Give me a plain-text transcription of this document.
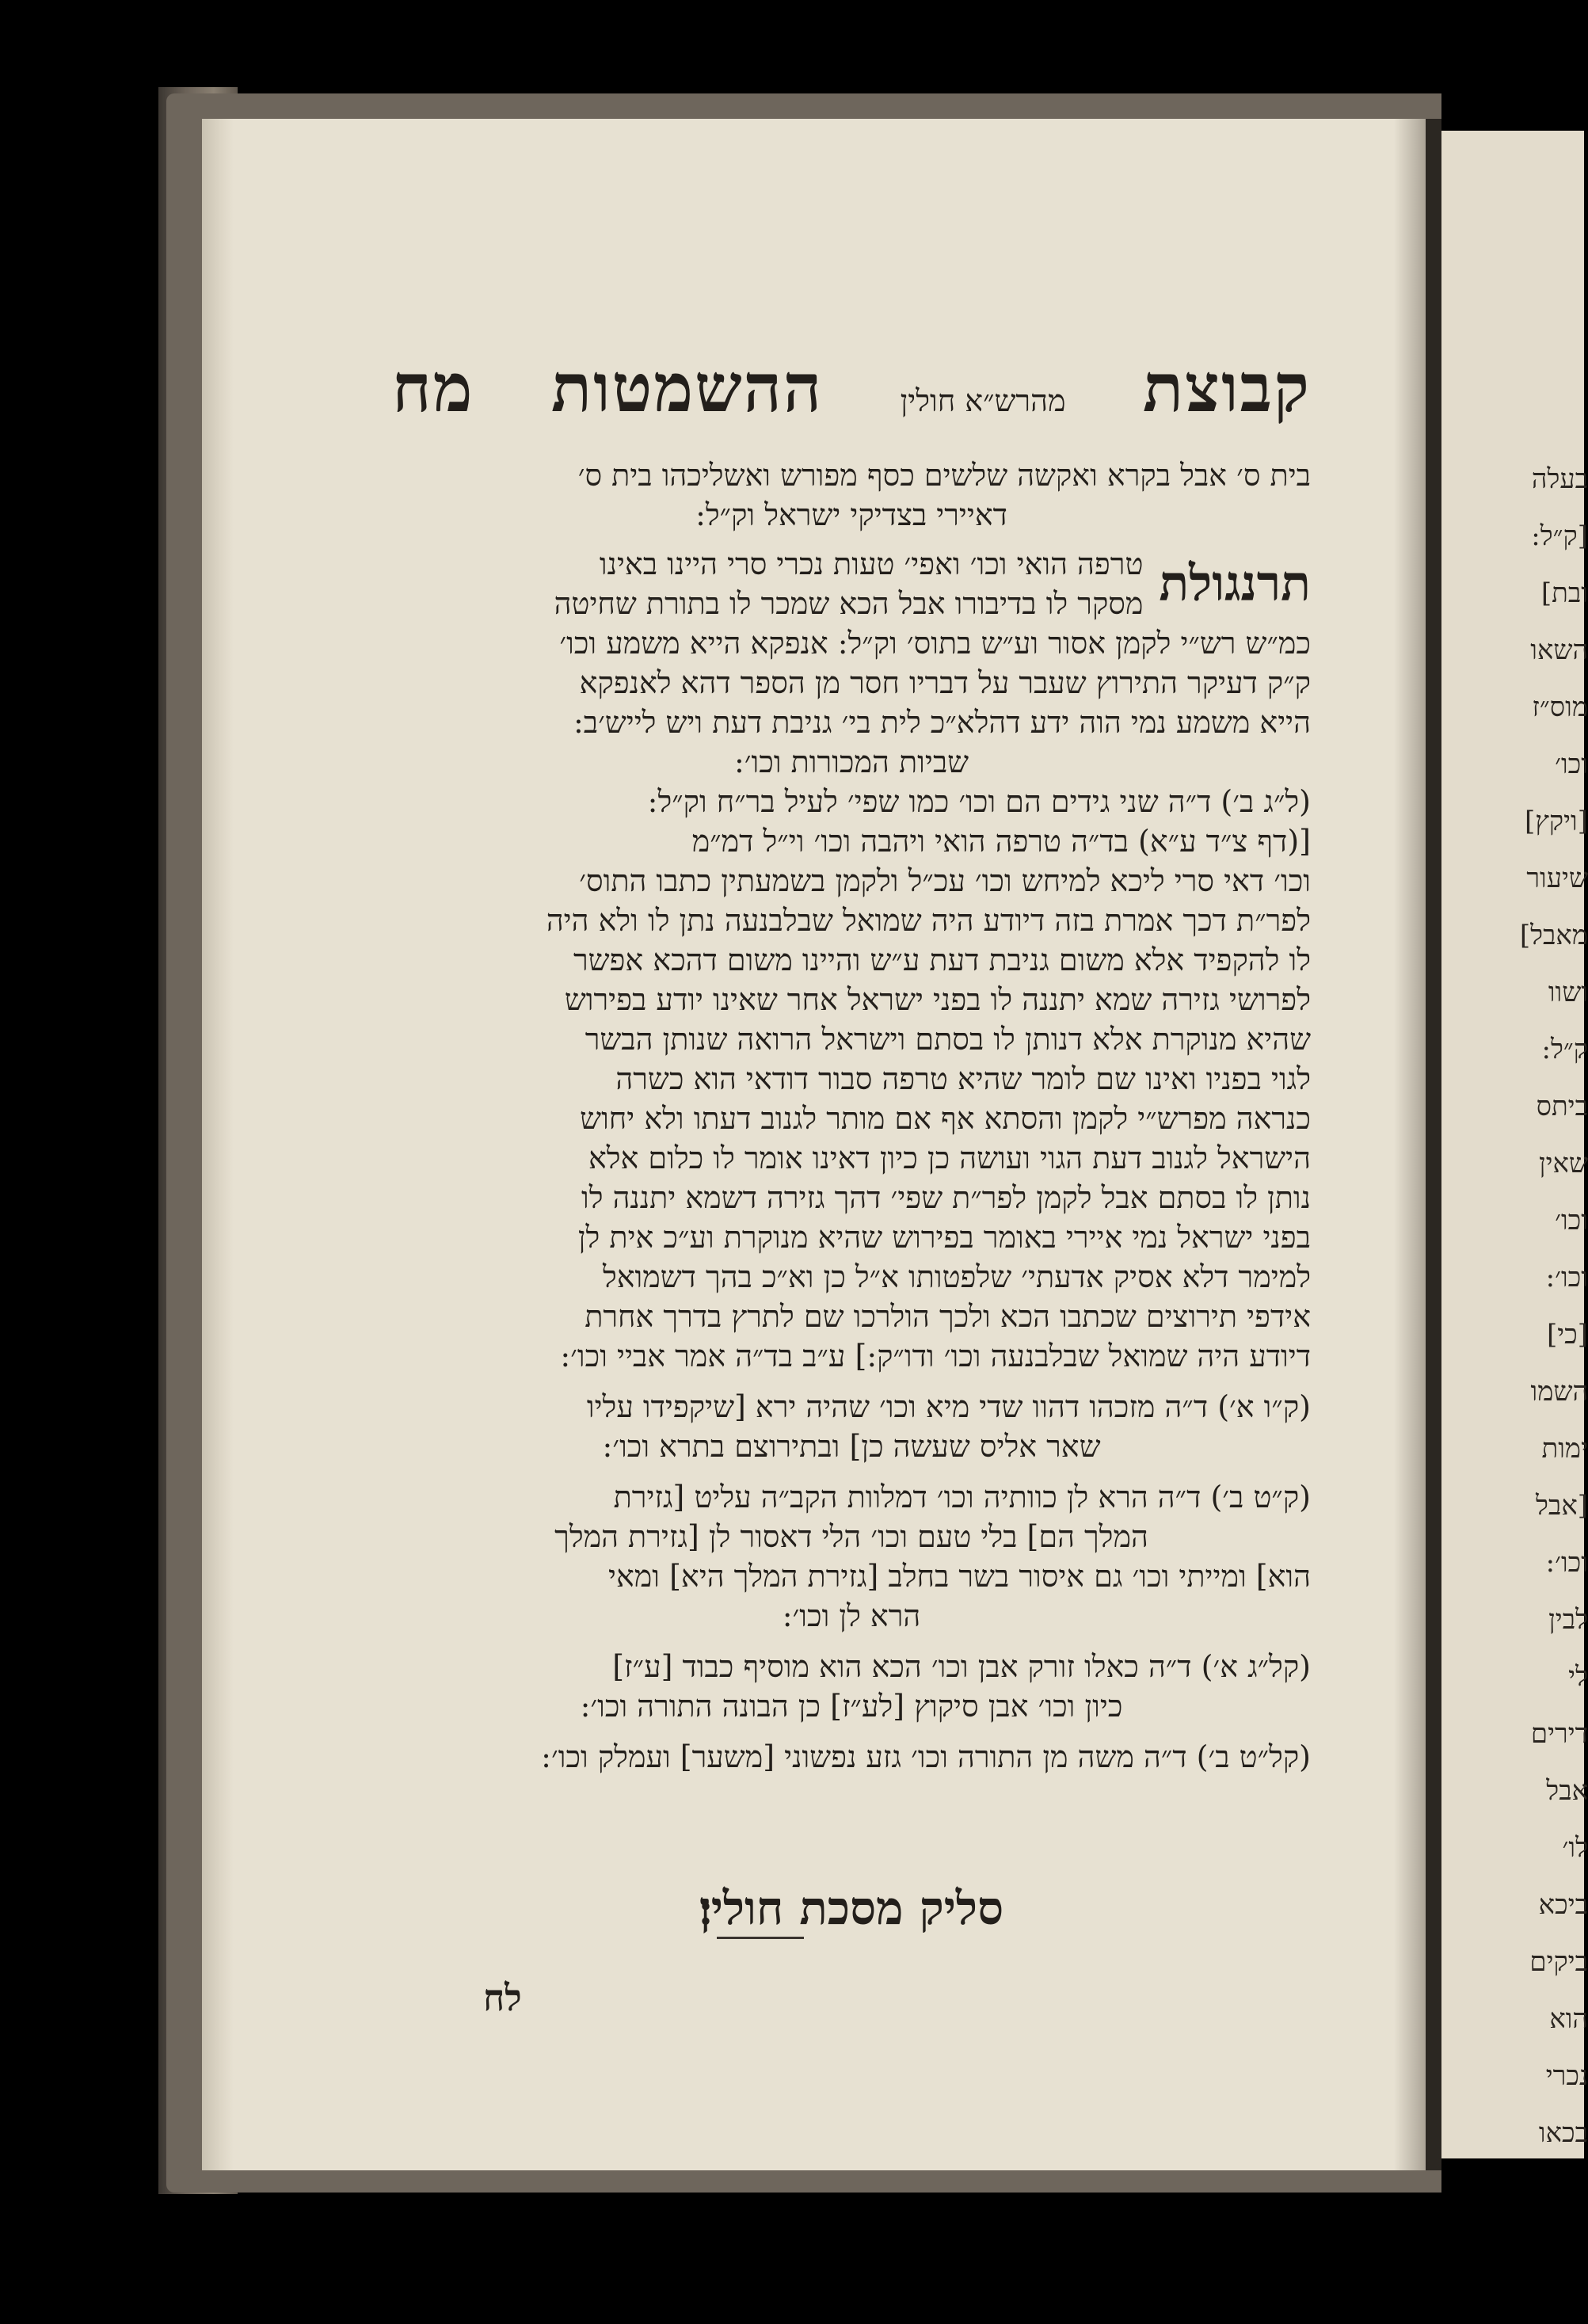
בעלה
[ק״ל:
ובת]
השאו
מוס״ז
וכו׳
[ויקץ]
שיעור
מאבל]
ושוו
ק״ל:
ביתס
שאין
וכו׳
וכו׳:
[כי]
השמו
ימות
[אבל
וכו׳:
לבין
לי
דירים
אבל
לו׳
ביכא
ביקים
הוא
נכרי
בכאו
קבוצת
מהרש״א חולין
ההשמטות
מח
בית ס׳ אבל בקרא ואקשה שלשים כסף מפורש ואשליכהו בית ס׳
דאיירי בצדיקי ישראל וק״ל:
תרנגולת
טרפה הואי וכו׳ ואפי׳ טעות נכרי סרי היינו באינו
מסקר לו בדיבורו אבל הכא שמכר לו בתורת שחיטה
כמ״ש רש״י לקמן אסור וע״ש בתוס׳ וק״ל: אנפקא הייא משמע וכו׳
ק״ק דעיקר התירוץ שעבר על דבריו חסר מן הספר דהא לאנפקא
הייא משמע נמי הוה ידע דהלא״כ לית בי׳ גניבת דעת ויש לייש׳ב:
שביות המכורות וכו׳:
(ל״ג ב׳) ד״ה שני גידים הם וכו׳ כמו שפי׳ לעיל בר״ח וק״ל:
[(דף צ״ד ע״א) בד״ה טרפה הואי ויהבה וכו׳ וי״ל דמ״מ
וכו׳ דאי סרי ליכא למיחש וכו׳ עכ״ל ולקמן בשמעתין כתבו התוס׳
לפר״ת דכך אמרת בזה דיודע היה שמואל שבלבנעה נתן לו ולא היה
לו להקפיד אלא משום גניבת דעת ע״ש והיינו משום דהכא אפשר
לפרושי גזירה שמא יתננה לו בפני ישראל אחר שאינו יודע בפירוש
שהיא מנוקרת אלא דנותן לו בסתם וישראל הרואה שנותן הבשר
לגוי בפניו ואינו שם לומר שהיא טרפה סבור דודאי הוא כשרה
כנראה מפרש״י לקמן והסתא אף אם מותר לגנוב דעתו ולא יחוש
הישראל לגנוב דעת הגוי ועושה כן כיון דאינו אומר לו כלום אלא
נותן לו בסתם אבל לקמן לפר״ת שפי׳ דהך גזירה דשמא יתננה לו
בפני ישראל נמי איירי באומר בפירוש שהיא מנוקרת וע״כ אית לן
למימר דלא אסיק אדעתי׳ שלפטותו א״ל כן וא״כ בהך דשמואל
אידפי תירוצים שכתבו הכא ולכך הולרכו שם לתרץ בדרך אחרת
דיודע היה שמואל שבלבנעה וכו׳ ודו״ק:] ע״ב בד״ה אמר אביי וכו׳:
(ק״ו א׳) ד״ה מזכהו דהוו שדי מיא וכו׳ שהיה ירא [שיקפידו עליו
שאר אליס שעשה כן] ובתירוצם בתרא וכו׳:
(ק״ט ב׳) ד״ה הרא לן כוותיה וכו׳ דמלוות הקב״ה עליט [גזירת
המלך הם] בלי טעם וכו׳ הלי דאסור לן [גזירת המלך
הוא] ומייתי וכו׳ גם איסור בשר בחלב [גזירת המלך היא] ומאי
הרא לן וכו׳:
(קל״ג א׳) ד״ה כאלו זורק אבן וכו׳ הכא הוא מוסיף כבוד [ע״ז]
כיון וכו׳ אבן סיקוץ [לע״ז] כן הבונה התורה וכו׳:
(קל״ט ב׳) ד״ה משה מן התורה וכו׳ גזע נפשוני [משער] ועמלק וכו׳:
סליק מסכת חולין׃
לח
